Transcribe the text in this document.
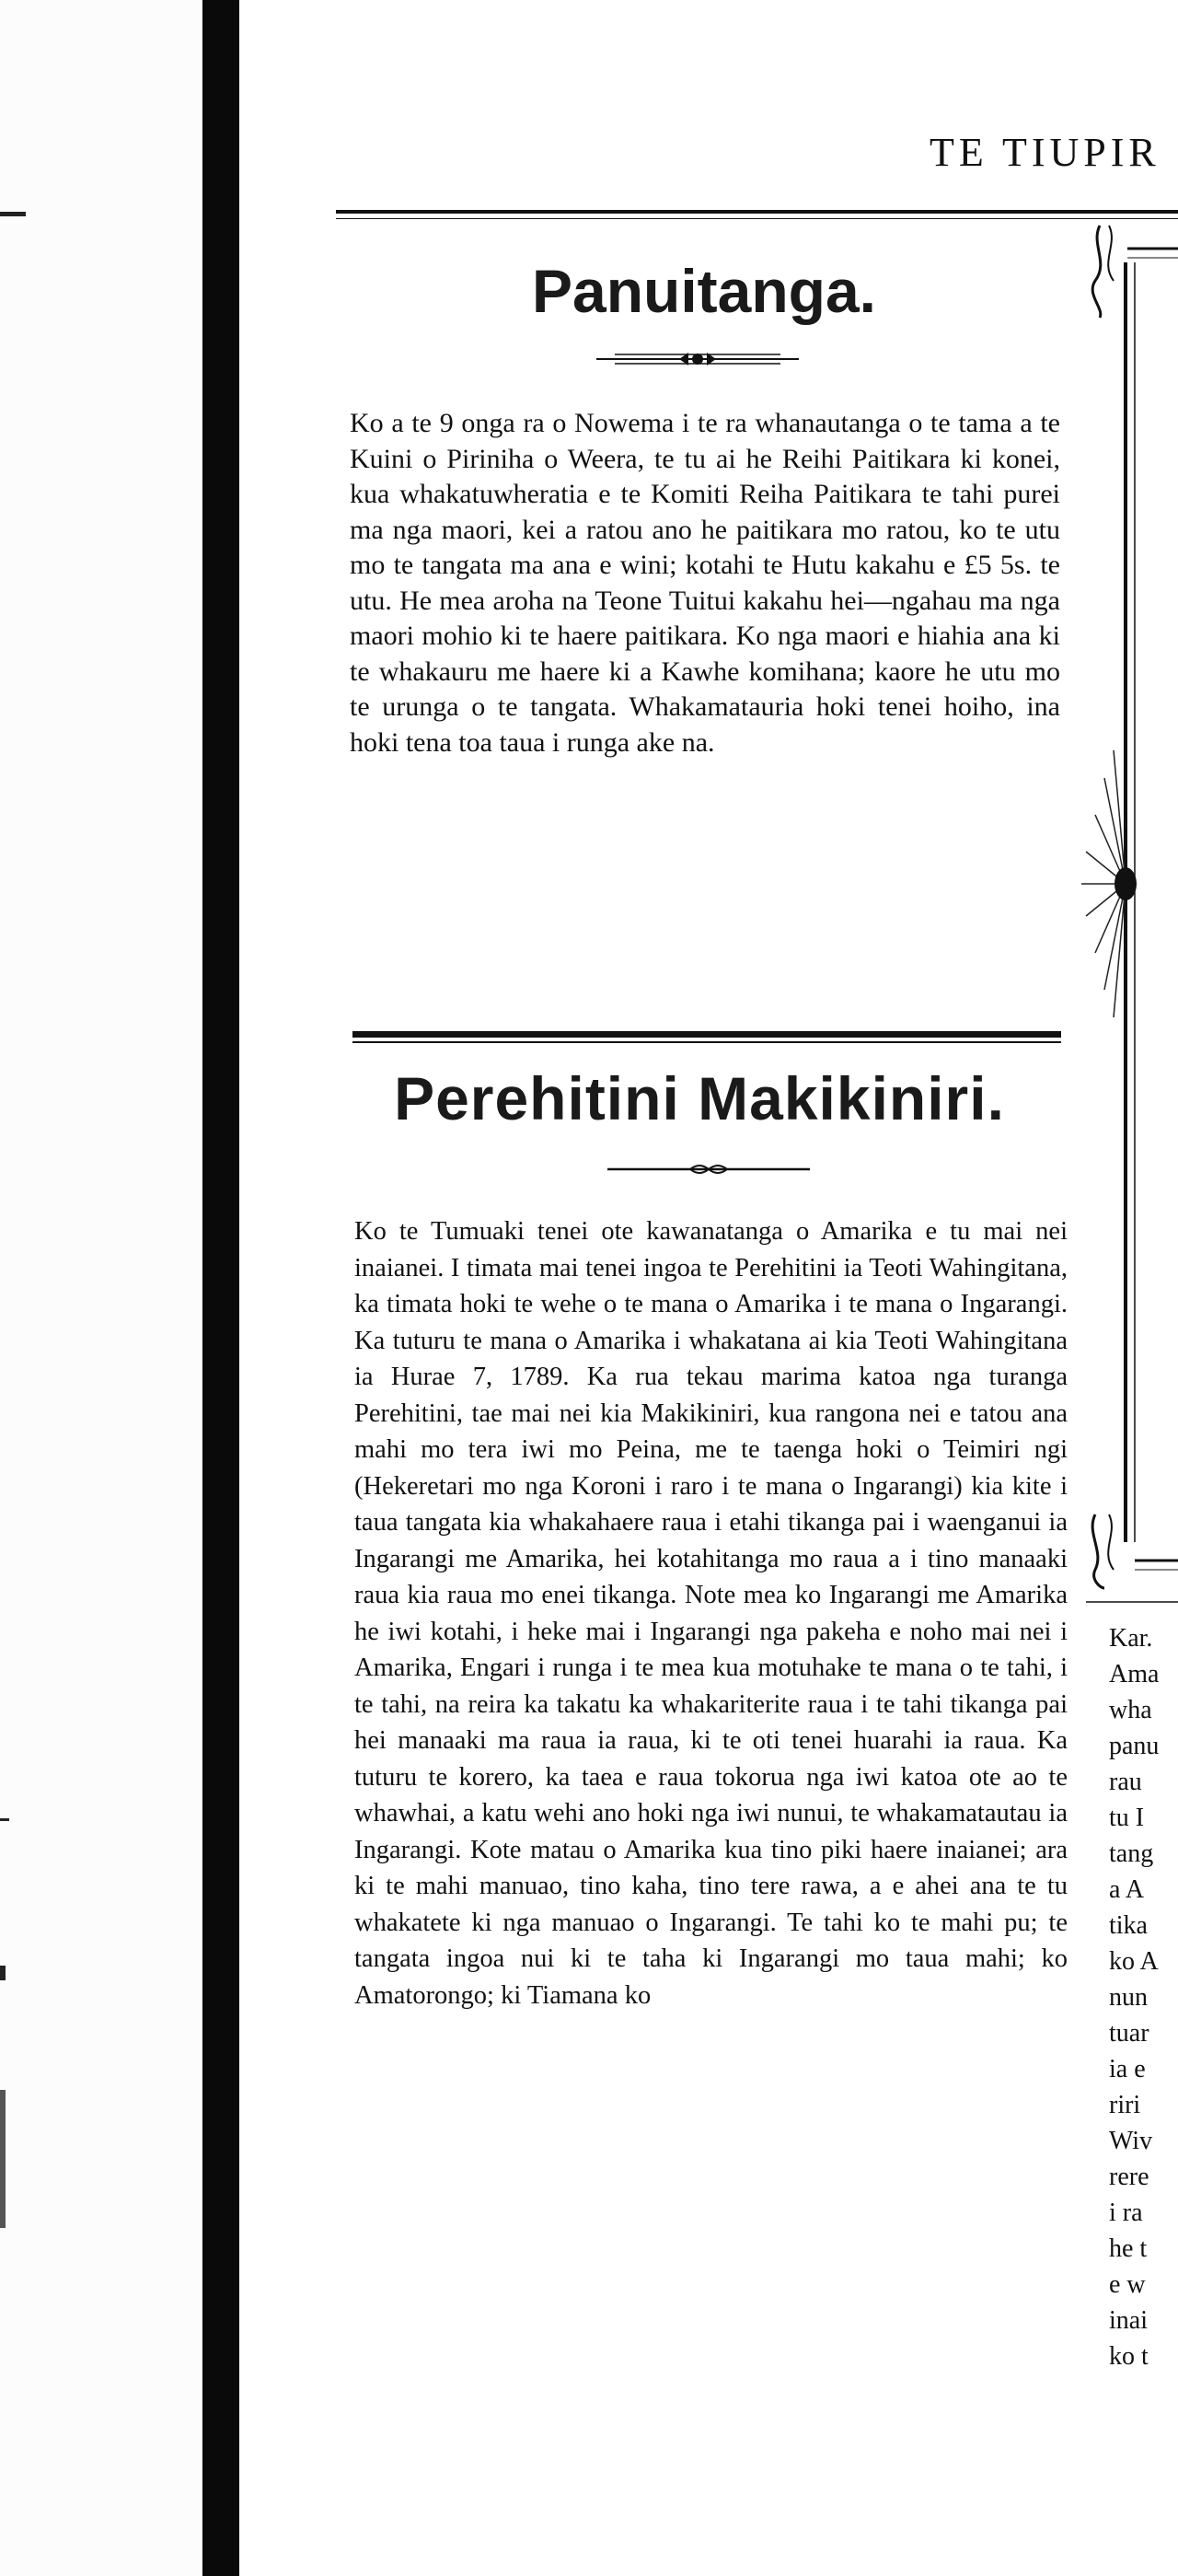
TE TIUPIR
Panuitanga.
Ko a te 9 onga ra o Nowema i te ra whanautanga o te tama a te Kuini o Piriniha o Weera, te tu ai he Reihi Paitikara ki konei, kua whakatuwheratia e te Komiti Reiha Paitikara te tahi purei ma nga maori, kei a ratou ano he paitikara mo ratou, ko te utu mo te tangata ma ana e wini; kotahi te Hutu kakahu e £5 5s. te utu. He mea aroha na Teone Tuitui kakahu hei—ngahau ma nga maori mohio ki te haere paitikara. Ko nga maori e hiahia ana ki te whakauru me haere ki a Kawhe komihana; kaore he utu mo te urunga o te tangata. Whakamatauria hoki tenei hoiho, ina hoki tena toa taua i runga ake na.
Perehitini Makikiniri.
Ko te Tumuaki tenei ote kawanatanga o Amarika e tu mai nei inaianei. I timata mai tenei ingoa te Perehitini ia Teoti Wahingitana, ka timata hoki te wehe o te mana o Amarika i te mana o Ingarangi. Ka tuturu te mana o Amarika i whakatana ai kia Teoti Wahingitana ia Hurae 7, 1789. Ka rua tekau marima katoa nga turanga Perehitini, tae mai nei kia Makikiniri, kua rangona nei e tatou ana mahi mo tera iwi mo Peina, me te taenga hoki o Teimiri ngi (Hekeretari mo nga Koroni i raro i te mana o Ingarangi) kia kite i taua tangata kia whakahaere raua i etahi tikanga pai i waenganui ia Ingarangi me Amarika, hei kotahitanga mo raua a i tino manaaki raua kia raua mo enei tikanga. Note mea ko Ingarangi me Amarika he iwi kotahi, i heke mai i Ingarangi nga pakeha e noho mai nei i Amarika, Engari i runga i te mea kua motuhake te mana o te tahi, i te tahi, na reira ka takatu ka whakariterite raua i te tahi tikanga pai hei manaaki ma raua ia raua, ki te oti tenei huarahi ia raua. Ka tuturu te korero, ka taea e raua tokorua nga iwi katoa ote ao te whawhai, a katu wehi ano hoki nga iwi nunui, te whakamatautau ia Ingarangi. Kote matau o Amarika kua tino piki haere inaianei; ara ki te mahi manuao, tino kaha, tino tere rawa, a e ahei ana te tu whakatete ki nga manuao o Ingarangi. Te tahi ko te mahi pu; te tangata ingoa nui ki te taha ki Ingarangi mo taua mahi; ko Amatorongo; ki Tiamana ko
Kar.
Ama
wha
panu
rau
tu I
tang
a A
tika
ko A
nun
tuar
ia e
riri
Wiv
rere
i ra
he t
e w
inai
ko t
